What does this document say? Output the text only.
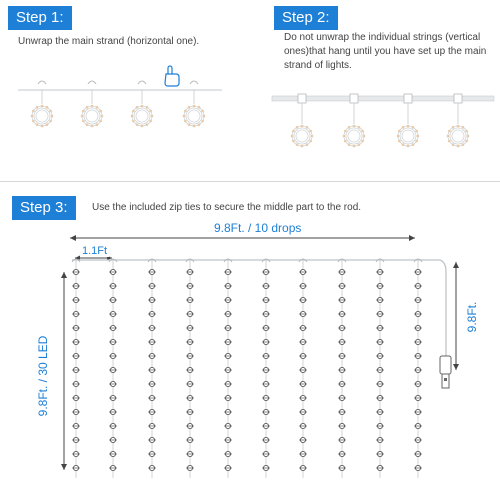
Step 1:
Unwrap the main strand (horizontal one).
Step 2:
Do not unwrap the individual strings (vertical ones)that hang until you have set up the main strand of lights.
Step 3:	Use the included zip ties to secure the middle part to the rod.
9.8Ft. / 10 drops
1.1Ft
9.8Ft. / 30 LED
9.8Ft.
